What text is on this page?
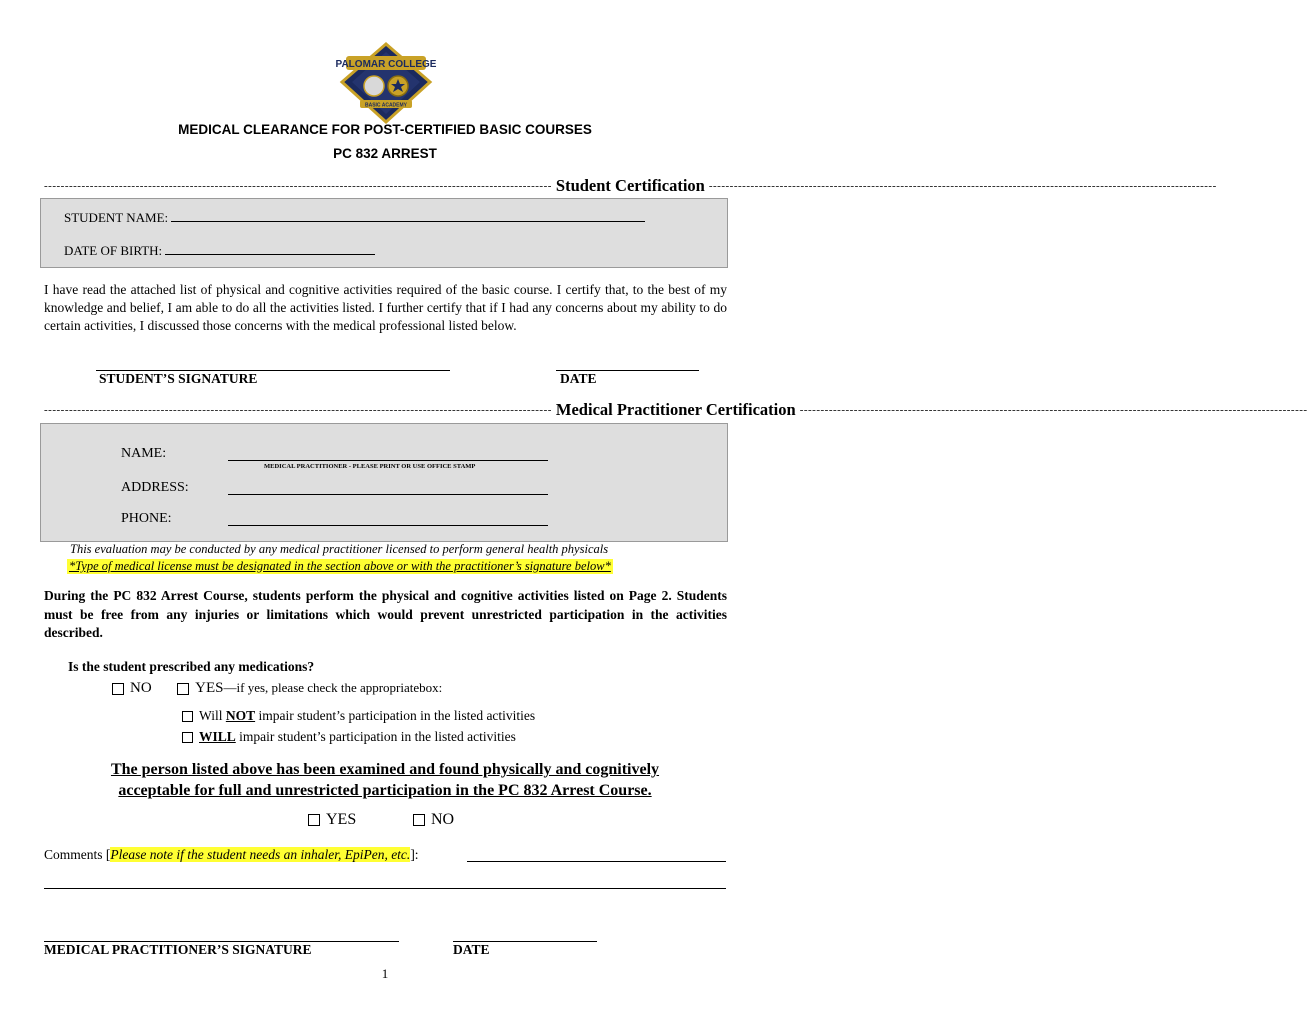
PALOMAR COLLEGE
BASIC ACADEMY
MEDICAL CLEARANCE FOR POST-CERTIFIED BASIC COURSES
PC 832 ARREST
-------------------------------------------------------------------------------------------------------------------------- Student Certification --------------------------------------------------------------------------------------------------------------------------
STUDENT NAME:
DATE OF BIRTH:
I have read the attached list of physical and cognitive activities required of the basic course. I certify that, to the best of my knowledge and belief, I am able to do all the activities listed. I further certify that if I had any concerns about my ability to do certain activities, I discussed those concerns with the medical professional listed below.
STUDENT’S SIGNATURE	DATE
-------------------------------------------------------------------------------------------------------------------------- Medical Practitioner Certification --------------------------------------------------------------------------------------------------------------------------
NAME:
MEDICAL PRACTITIONER - PLEASE PRINT OR USE OFFICE STAMP
ADDRESS:
PHONE:
This evaluation may be conducted by any medical practitioner licensed to perform general health physicals
*Type of medical license must be designated in the section above or with the practitioner’s signature below*
During the PC 832 Arrest Course, students perform the physical and cognitive activities listed on Page 2. Students must be free from any injuries or limitations which would prevent unrestricted participation in the activities described.
Is the student prescribed any medications?
NO	YES—if yes, please check the appropriatebox:
Will NOT impair student’s participation in the listed activities
WILL impair student’s participation in the listed activities
The person listed above has been examined and found physically and cognitively
acceptable for full and unrestricted participation in the PC 832 Arrest Course.
YES	NO
Comments [Please note if the student needs an inhaler, EpiPen, etc.]:
MEDICAL PRACTITIONER’S SIGNATURE	DATE
1
